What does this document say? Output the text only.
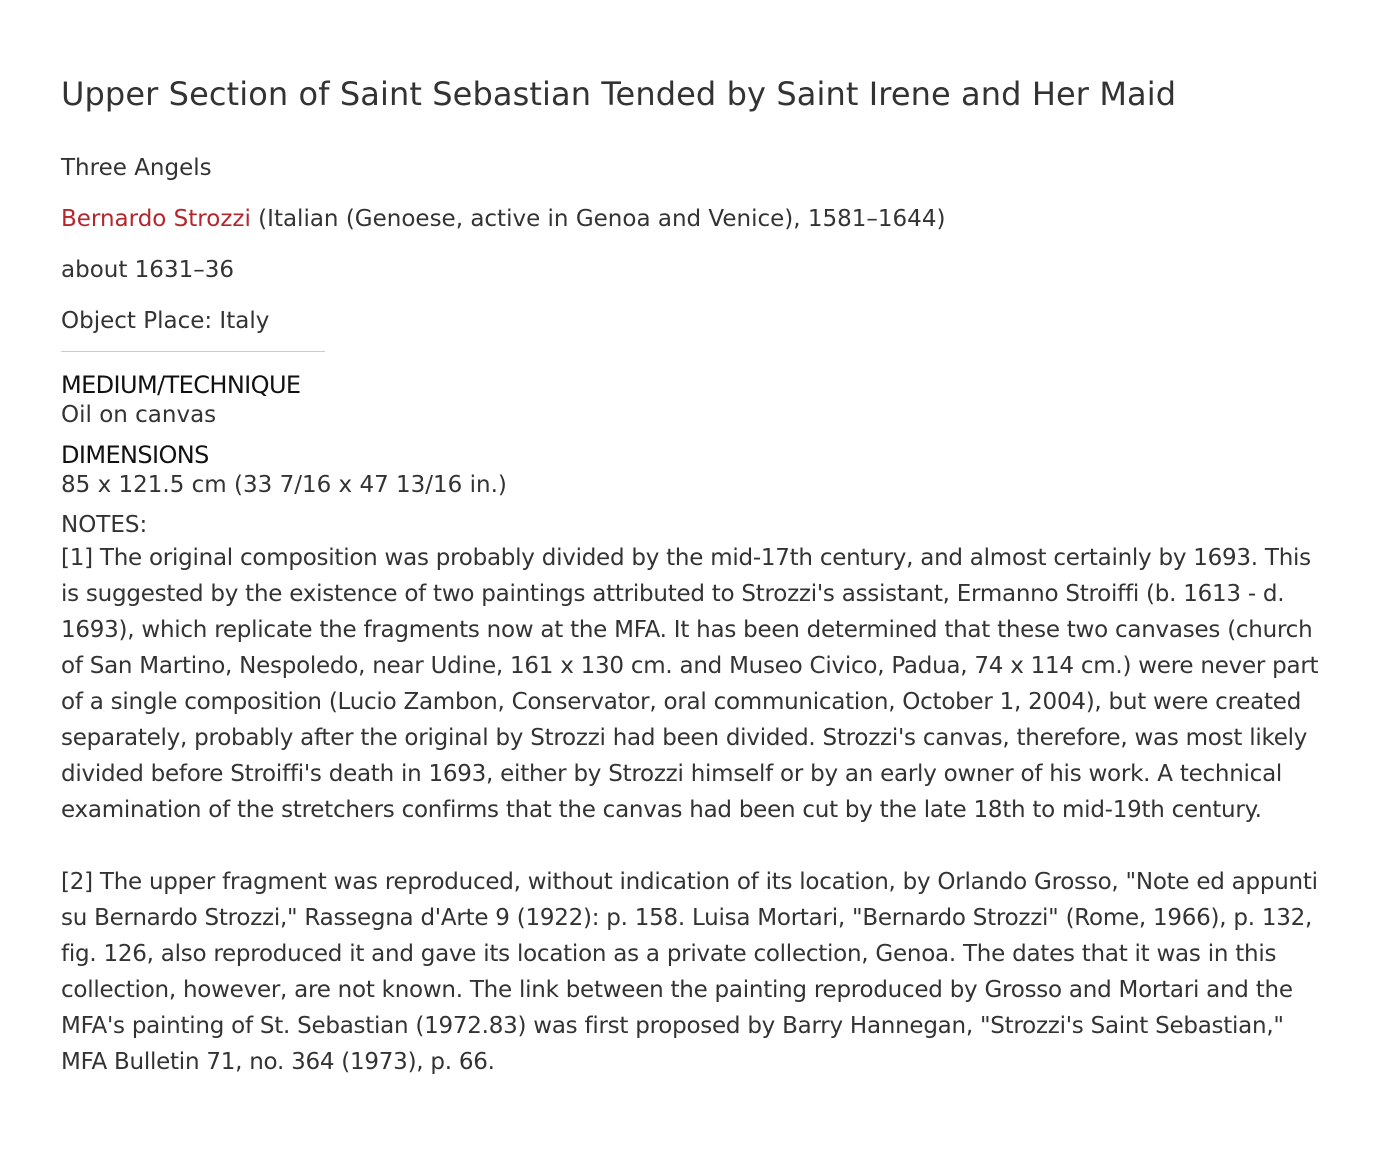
Upper Section of Saint Sebastian Tended by Saint Irene and Her Maid

Three Angels

Bernardo Strozzi (Italian (Genoese, active in Genoa and Venice), 1581–1644)

about 1631–36

Object Place: Italy

MEDIUM/TECHNIQUE

Oil on canvas

DIMENSIONS

85 x 121.5 cm (33 7/16 x 47 13/16 in.)

NOTES:

[1] The original composition was probably divided by the mid-17th century, and almost certainly by 1693. This is suggested by the existence of two paintings attributed to Strozzi's assistant, Ermanno Stroiffi (b. 1613 - d. 1693), which replicate the fragments now at the MFA. It has been determined that these two canvases (church of San Martino, Nespoledo, near Udine, 161 x 130 cm. and Museo Civico, Padua, 74 x 114 cm.) were never part of a single composition (Lucio Zambon, Conservator, oral communication, October 1, 2004), but were created separately, probably after the original by Strozzi had been divided. Strozzi's canvas, therefore, was most likely divided before Stroiffi's death in 1693, either by Strozzi himself or by an early owner of his work. A technical examination of the stretchers confirms that the canvas had been cut by the late 18th to mid-19th century.

[2] The upper fragment was reproduced, without indication of its location, by Orlando Grosso, "Note ed appunti su Bernardo Strozzi," Rassegna d'Arte 9 (1922): p. 158. Luisa Mortari, "Bernardo Strozzi" (Rome, 1966), p. 132, fig. 126, also reproduced it and gave its location as a private collection, Genoa. The dates that it was in this collection, however, are not known. The link between the painting reproduced by Grosso and Mortari and the MFA's painting of St. Sebastian (1972.83) was first proposed by Barry Hannegan, "Strozzi's Saint Sebastian," MFA Bulletin 71, no. 364 (1973), p. 66.
